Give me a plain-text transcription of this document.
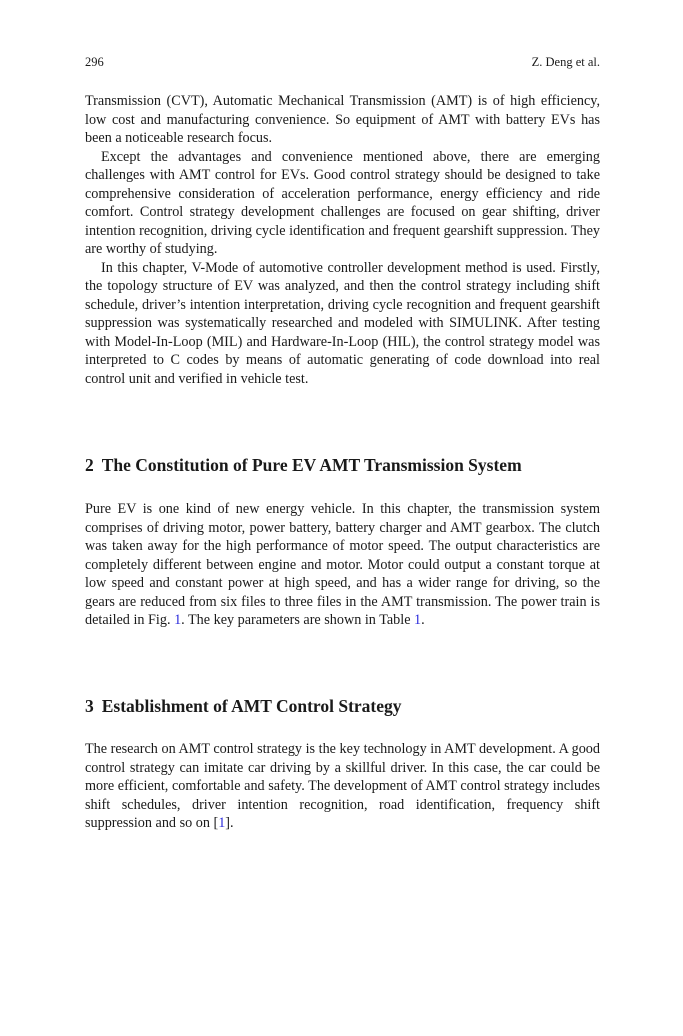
296	Z. Deng et al.

Transmission (CVT), Automatic Mechanical Transmission (AMT) is of high efficiency, low cost and manufacturing convenience. So equipment of AMT with battery EVs has been a noticeable research focus.

Except the advantages and convenience mentioned above, there are emerging challenges with AMT control for EVs. Good control strategy should be designed to take comprehensive consideration of acceleration performance, energy efficiency and ride comfort. Control strategy development challenges are focused on gear shifting, driver intention recognition, driving cycle identification and frequent gearshift suppression. They are worthy of studying.

In this chapter, V-Mode of automotive controller development method is used. Firstly, the topology structure of EV was analyzed, and then the control strategy including shift schedule, driver’s intention interpretation, driving cycle recognition and frequent gearshift suppression was systematically researched and modeled with SIMULINK. After testing with Model-In-Loop (MIL) and Hardware-In-Loop (HIL), the control strategy model was interpreted to C codes by means of automatic generating of code download into real control unit and verified in vehicle test.

2 The Constitution of Pure EV AMT Transmission System

Pure EV is one kind of new energy vehicle. In this chapter, the transmission system comprises of driving motor, power battery, battery charger and AMT gearbox. The clutch was taken away for the high performance of motor speed. The output characteristics are completely different between engine and motor. Motor could output a constant torque at low speed and constant power at high speed, and has a wider range for driving, so the gears are reduced from six files to three files in the AMT transmission. The power train is detailed in Fig. 1. The key parameters are shown in Table 1.

3 Establishment of AMT Control Strategy

The research on AMT control strategy is the key technology in AMT development. A good control strategy can imitate car driving by a skillful driver. In this case, the car could be more efficient, comfortable and safety. The development of AMT control strategy includes shift schedules, driver intention recognition, road identification, frequency shift suppression and so on [1].
